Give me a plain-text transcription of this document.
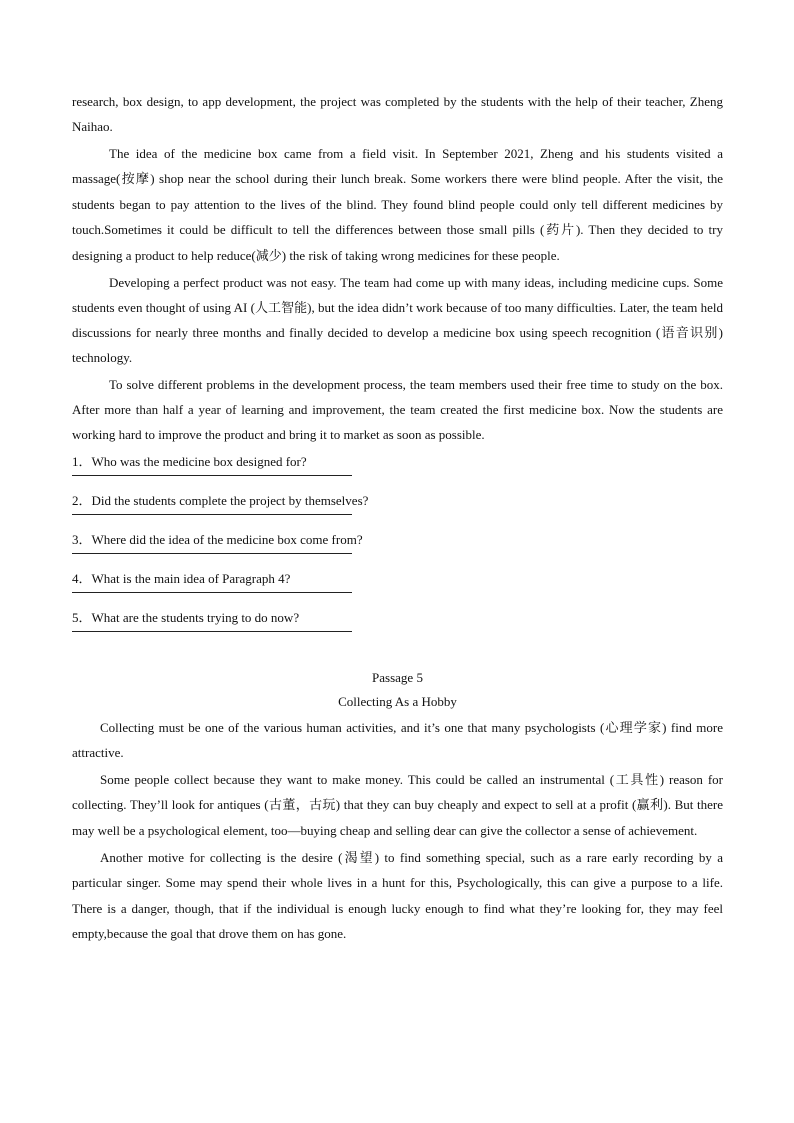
research, box design, to app development, the project was completed by the students with the help of their teacher, Zheng Naihao.

The idea of the medicine box came from a field visit. In September 2021, Zheng and his students visited a massage(按摩) shop near the school during their lunch break. Some workers there were blind people. After the visit, the students began to pay attention to the lives of the blind. They found blind people could only tell different medicines by touch.Sometimes it could be difficult to tell the differences between those small pills (药片). Then they decided to try designing a product to help reduce(减少) the risk of taking wrong medicines for these people.

Developing a perfect product was not easy. The team had come up with many ideas, including medicine cups. Some students even thought of using AI (人工智能), but the idea didn’t work because of too many difficulties. Later, the team held discussions for nearly three months and finally decided to develop a medicine box using speech recognition (语音识别) technology.

To solve different problems in the development process, the team members used their free time to study on the box. After more than half a year of learning and improvement, the team created the first medicine box. Now the students are working hard to improve the product and bring it to market as soon as possible.

1．Who was the medicine box designed for?
2．Did the students complete the project by themselves?
3．Where did the idea of the medicine box come from?
4．What is the main idea of Paragraph 4?
5．What are the students trying to do now?

Passage 5

Collecting As a Hobby

Collecting must be one of the various human activities, and it’s one that many psychologists (心理学家) find more attractive.

Some people collect because they want to make money. This could be called an instrumental (工具性) reason for collecting. They’ll look for antiques (古董，古玩) that they can buy cheaply and expect to sell at a profit (赢利). But there may well be a psychological element, too—buying cheap and selling dear can give the collector a sense of achievement.

Another motive for collecting is the desire (渴望) to find something special, such as a rare early recording by a particular singer. Some may spend their whole lives in a hunt for this, Psychologically, this can give a purpose to a life. There is a danger, though, that if the individual is enough lucky enough to find what they’re looking for, they may feel empty,because the goal that drove them on has gone.
